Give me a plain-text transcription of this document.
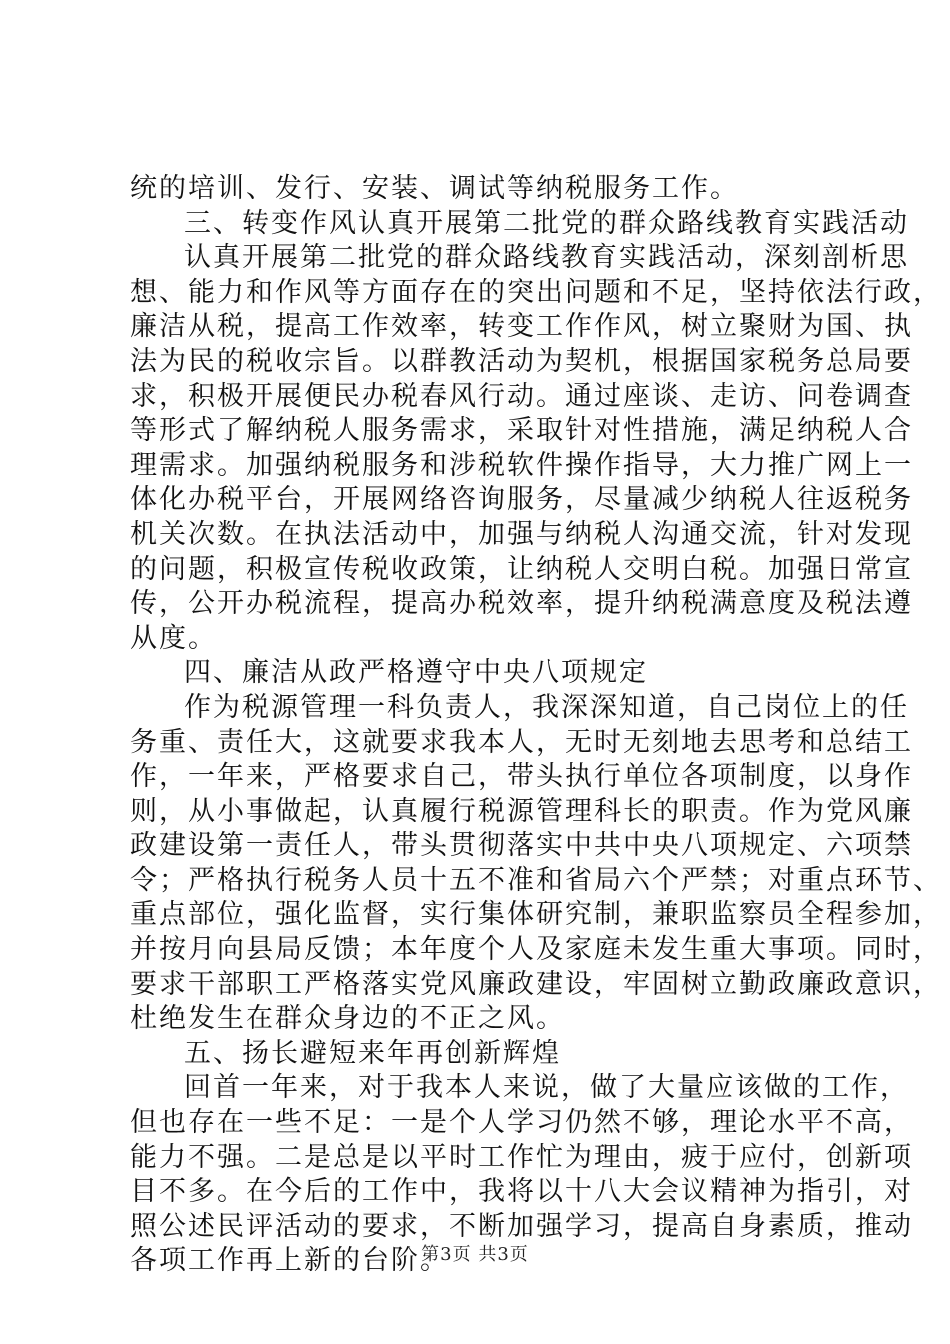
统的培训、发行、安装、调试等纳税服务工作。
三、转变作风认真开展第二批党的群众路线教育实践活动
认真开展第二批党的群众路线教育实践活动，深刻剖析思
想、能力和作风等方面存在的突出问题和不足，坚持依法行政，
廉洁从税，提高工作效率，转变工作作风，树立聚财为国、执
法为民的税收宗旨。以群教活动为契机，根据国家税务总局要
求，积极开展便民办税春风行动。通过座谈、走访、问卷调查
等形式了解纳税人服务需求，采取针对性措施，满足纳税人合
理需求。加强纳税服务和涉税软件操作指导，大力推广网上一
体化办税平台，开展网络咨询服务，尽量减少纳税人往返税务
机关次数。在执法活动中，加强与纳税人沟通交流，针对发现
的问题，积极宣传税收政策，让纳税人交明白税。加强日常宣
传，公开办税流程，提高办税效率，提升纳税满意度及税法遵
从度。
四、廉洁从政严格遵守中央八项规定
作为税源管理一科负责人，我深深知道，自己岗位上的任
务重、责任大，这就要求我本人，无时无刻地去思考和总结工
作，一年来，严格要求自己，带头执行单位各项制度，以身作
则，从小事做起，认真履行税源管理科长的职责。作为党风廉
政建设第一责任人，带头贯彻落实中共中央八项规定、六项禁
令；严格执行税务人员十五不准和省局六个严禁；对重点环节、
重点部位，强化监督，实行集体研究制，兼职监察员全程参加，
并按月向县局反馈；本年度个人及家庭未发生重大事项。同时，
要求干部职工严格落实党风廉政建设，牢固树立勤政廉政意识，
杜绝发生在群众身边的不正之风。
五、扬长避短来年再创新辉煌
回首一年来，对于我本人来说，做了大量应该做的工作，
但也存在一些不足：一是个人学习仍然不够，理论水平不高，
能力不强。二是总是以平时工作忙为理由，疲于应付，创新项
目不多。在今后的工作中，我将以十八大会议精神为指引，对
照公述民评活动的要求，不断加强学习，提高自身素质，推动
各项工作再上新的台阶。
第3页 共3页
